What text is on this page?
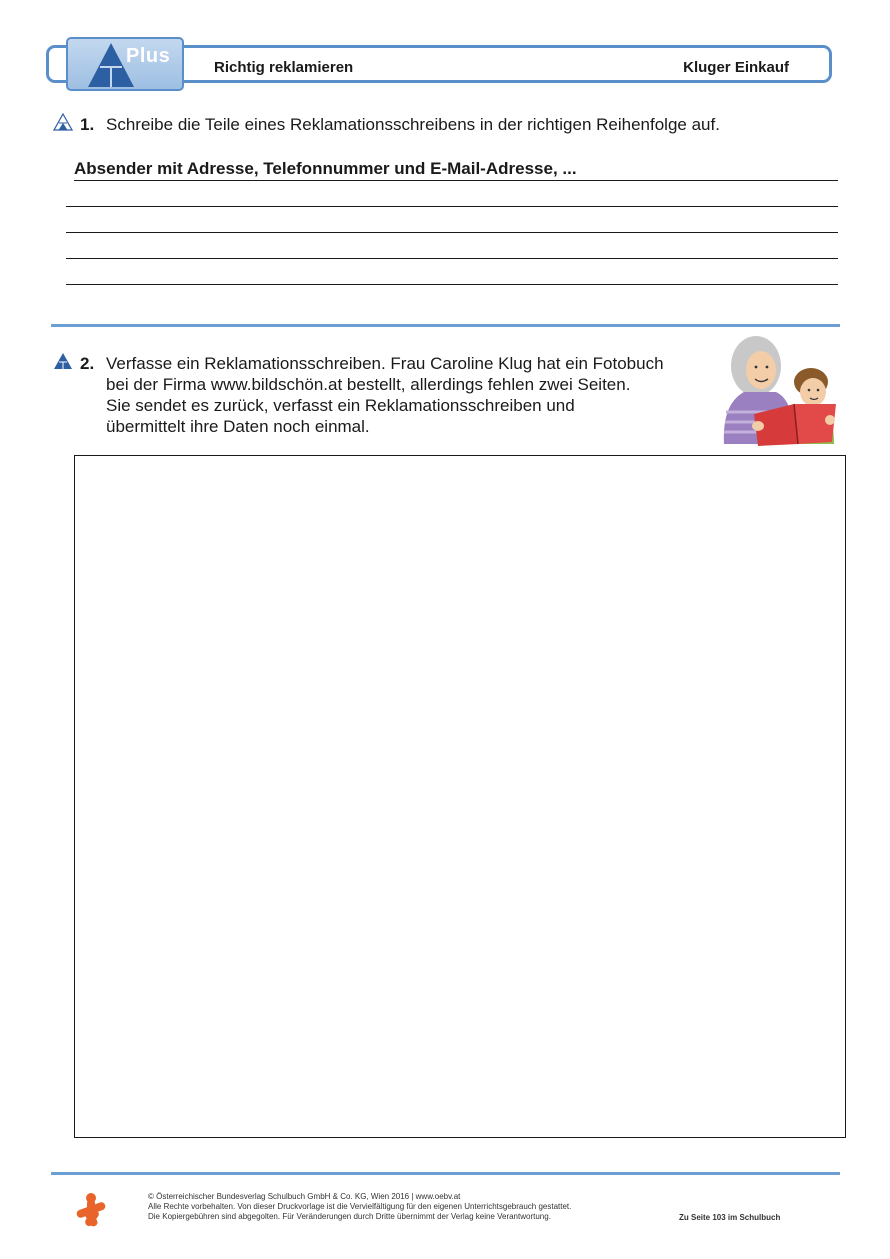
Plus
Richtig reklamieren	Kluger Einkauf
1. Schreibe die Teile eines Reklamationsschreibens in der richtigen Reihenfolge auf.
Absender mit Adresse, Telefonnummer und E-Mail-Adresse, ...
2. Verfasse ein Reklamationsschreiben. Frau Caroline Klug hat ein Fotobuch
bei der Firma www.bildschön.at bestellt, allerdings fehlen zwei Seiten.
Sie sendet es zurück, verfasst ein Reklamationsschreiben und
übermittelt ihre Daten noch einmal.
© Österreichischer Bundesverlag Schulbuch GmbH & Co. KG, Wien 2016 | www.oebv.at
Alle Rechte vorbehalten. Von dieser Druckvorlage ist die Vervielfältigung für den eigenen Unterrichtsgebrauch gestattet.
Die Kopiergebühren sind abgegolten. Für Veränderungen durch Dritte übernimmt der Verlag keine Verantwortung.	Zu Seite 103 im Schulbuch
